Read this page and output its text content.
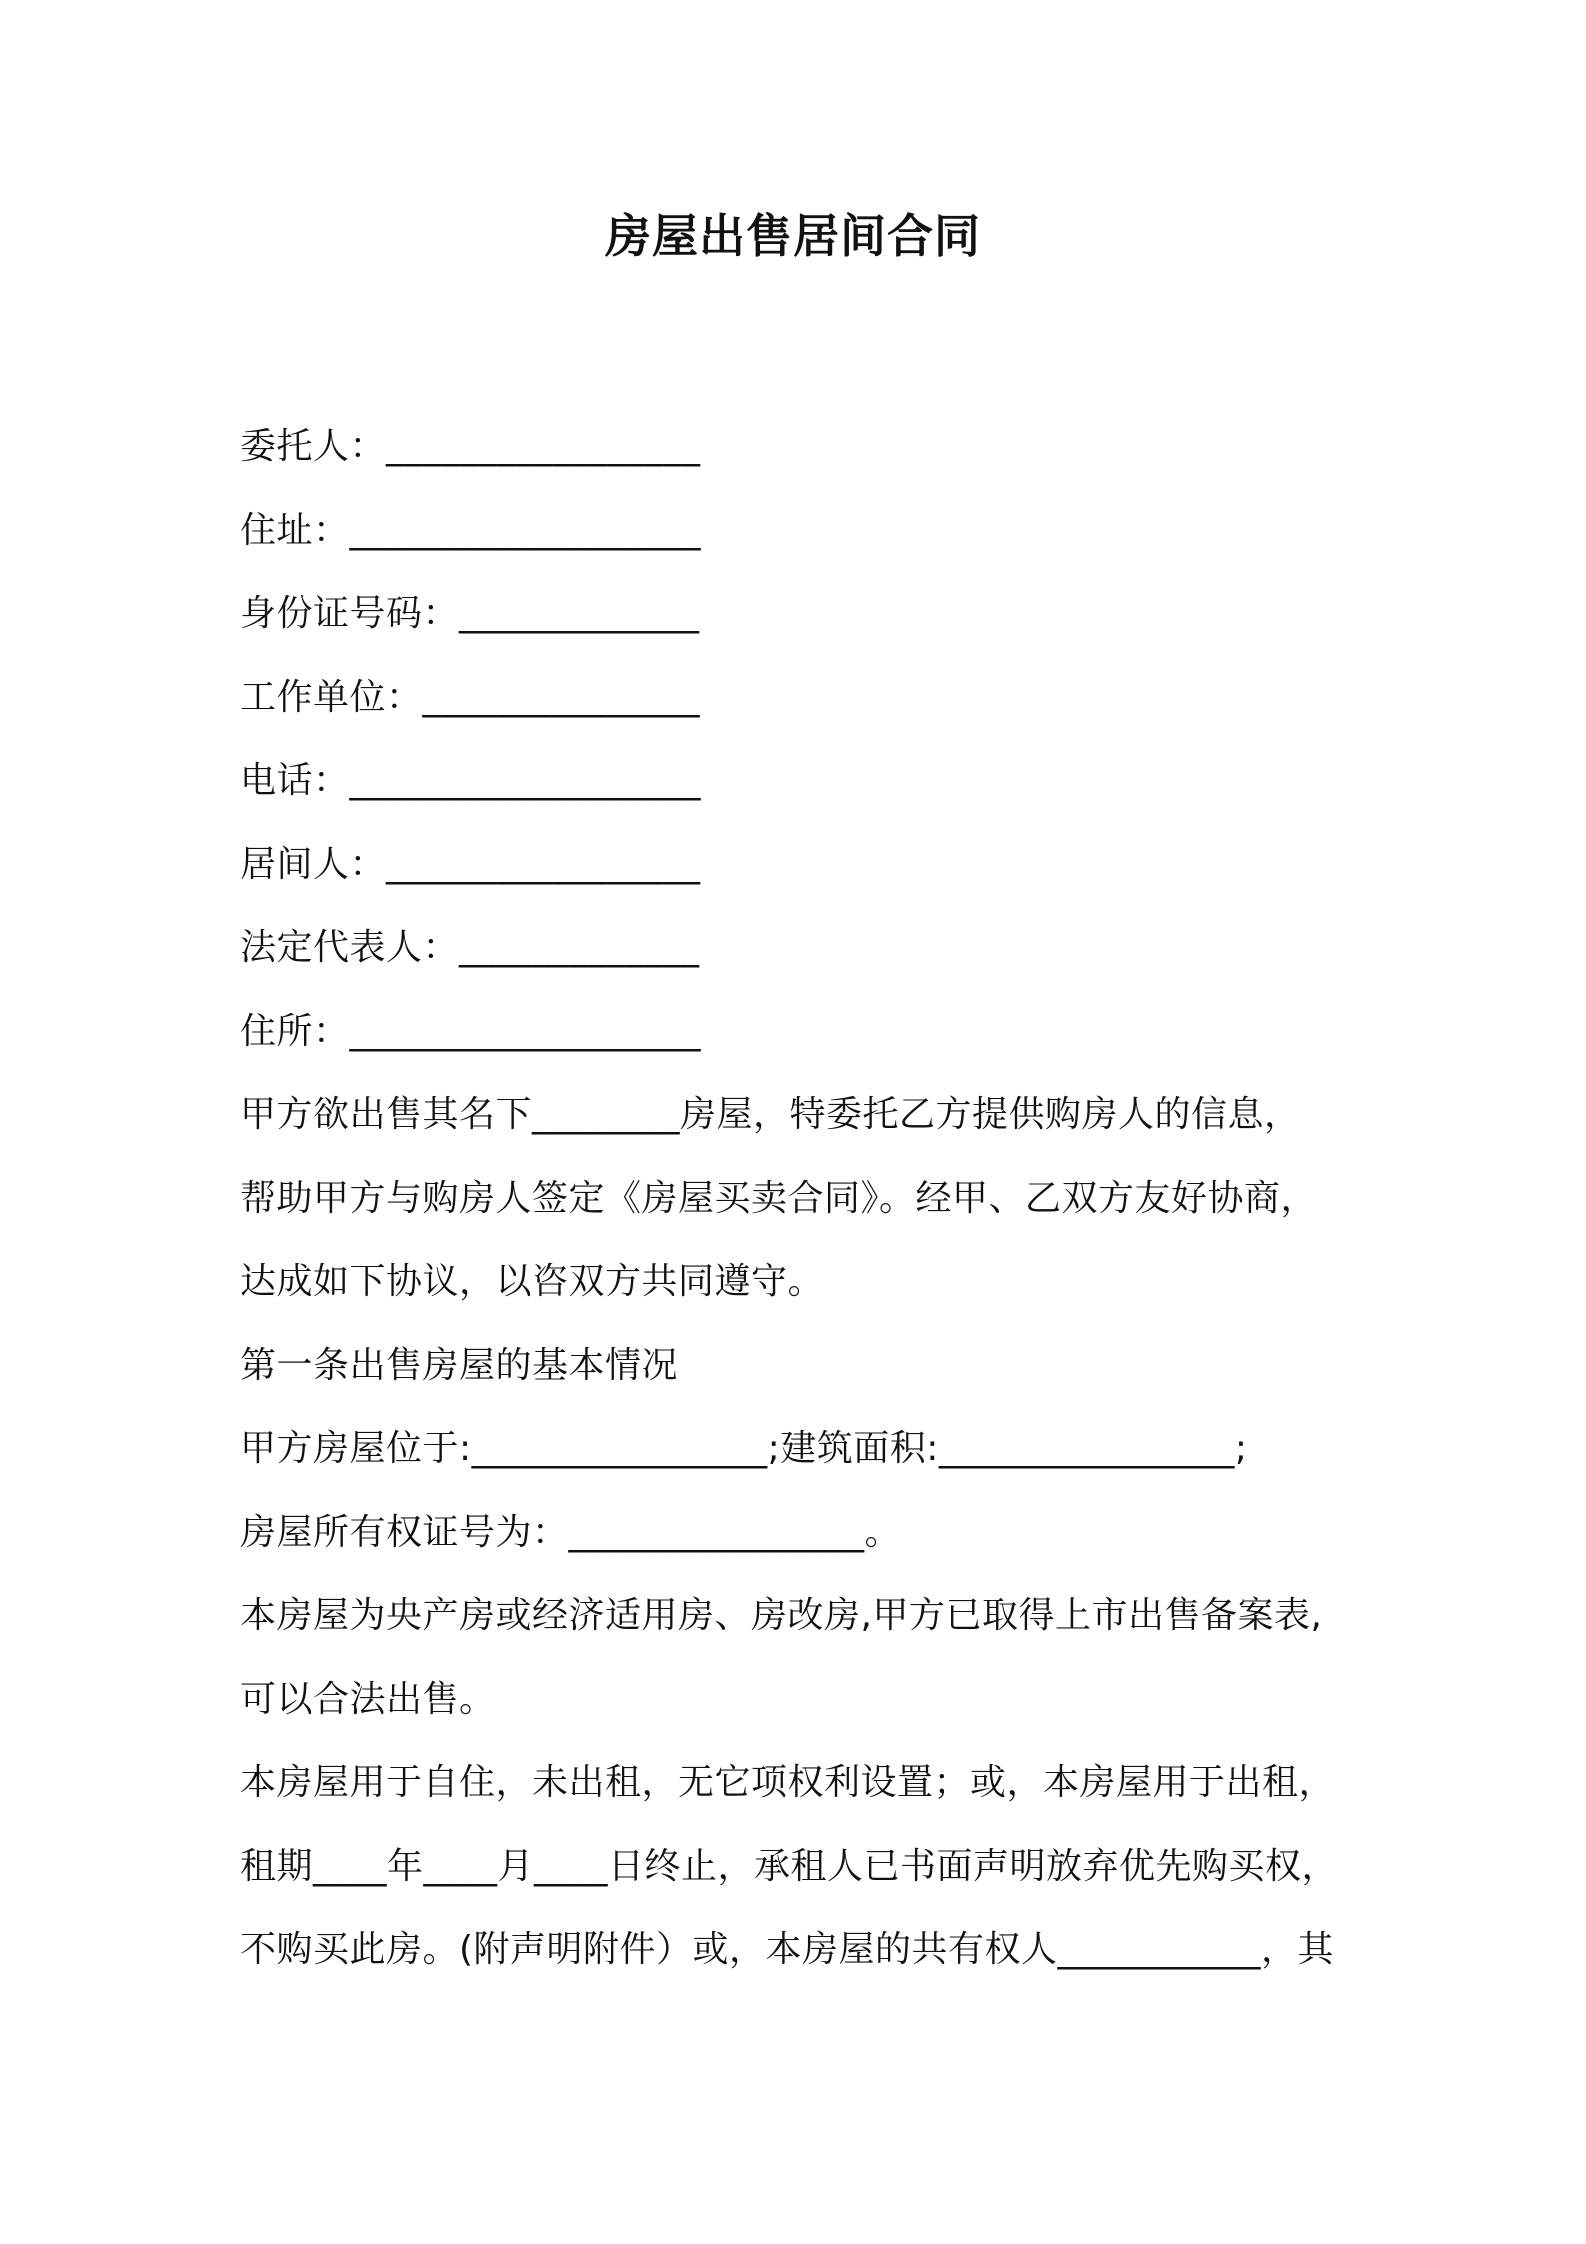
房屋出售居间合同
委托人：_________________
住址：___________________
身份证号码：_____________
工作单位：_______________
电话：___________________
居间人：_________________
法定代表人：_____________
住所：___________________
甲方欲出售其名下________房屋，特委托乙方提供购房人的信息，
帮助甲方与购房人签定《房屋买卖合同》。经甲、乙双方友好协商，
达成如下协议，以咨双方共同遵守。
第一条出售房屋的基本情况
甲方房屋位于:________________;建筑面积:________________;
房屋所有权证号为：________________。
本房屋为央产房或经济适用房、房改房,甲方已取得上市出售备案表,
可以合法出售。
本房屋用于自住，未出租，无它项权利设置；或，本房屋用于出租，
租期____年____月____日终止，承租人已书面声明放弃优先购买权，
不购买此房。(附声明附件）或，本房屋的共有权人___________，其
